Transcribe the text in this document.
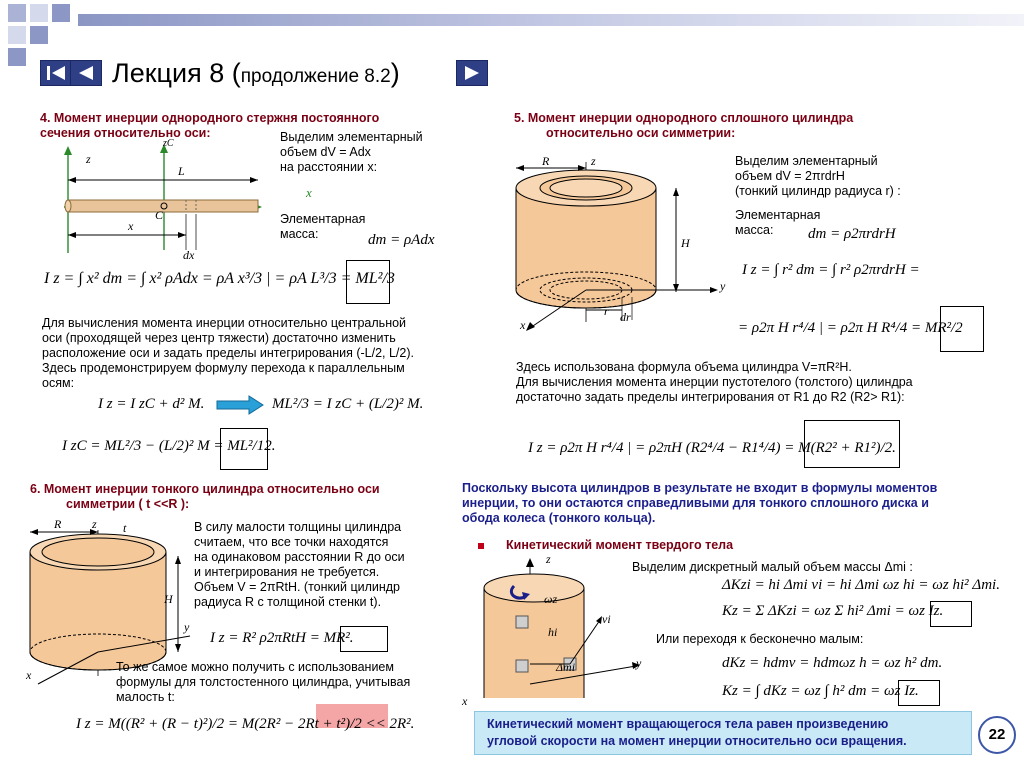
Лекция 8 (продолжение 8.2)
4. Момент инерции однородного стержня постоянного
сечения относительно оси:	Выделим элементарный
объем dV = Adx
на расстоянии x:
zC
z
L
x
C
x
dx
Элементарная
масса:	dm = ρAdx
I z = ∫ x² dm = ∫ x² ρAdx = ρA x³/3 | = ρA L³/3 = ML²/3
Для вычисления момента инерции относительно центральной
оси (проходящей через центр тяжести) достаточно изменить
расположение оси и задать пределы интегрирования (-L/2, L/2).
Здесь продемонстрируем формулу перехода к параллельным
осям:
I z = I zC + d² M.	ML²/3 = I zC + (L/2)² M.
I zC = ML²/3 − (L/2)² M = ML²/12.
5. Момент инерции однородного сплошного цилиндра
относительно оси симметрии:
R	z
H
y
x
r dr
Выделим элементарный
объем dV = 2πrdrH
(тонкий цилиндр радиуса r) :
Элементарная
масса:	dm = ρ2πrdrH
I z = ∫ r² dm = ∫ r² ρ2πrdrH =
= ρ2π H r⁴/4 | = ρ2π H R⁴/4 = MR²/2
Здесь использована формула объема цилиндра V=πR²H.
Для вычисления момента инерции пустотелого (толстого) цилиндра
достаточно задать пределы интегрирования от R1 до R2 (R2> R1):
I z = ρ2π H r⁴/4 | = ρ2πH (R2⁴/4 − R1⁴/4) = M(R2² + R1²)/2.
6. Момент инерции тонкого цилиндра относительно оси
симметрии ( t <<R ):
R	z t
H
y
x
В силу малости толщины цилиндра
считаем, что все точки находятся
на одинаковом расстоянии R до оси
и интегрирования не требуется.
Объем V = 2πRtH. (тонкий цилиндр
радиуса R с толщиной стенки t).
I z = R² ρ2πRtH = MR².
То же самое можно получить с использованием
формулы для толстостенного цилиндра, учитывая
малость t:
I z = M((R² + (R − t)²)/2 = M(2R² − 2Rt + t²)/2 << 2R².
Поскольку высота цилиндров в результате не входит в формулы моментов
инерции, то они остаются справедливыми для тонкого сплошного диска и
обода колеса (тонкого кольца).
Кинетический момент твердого тела
z
ωz
vi
hi
Δmi	y
x
Выделим дискретный малый объем массы Δmi :
ΔKzi = hi Δmi vi = hi Δmi ωz hi = ωz hi² Δmi.
Kz = Σ ΔKzi = ωz Σ hi² Δmi = ωz Iz.
Или переходя к бесконечно малым:
dKz = hdmv = hdmωz h = ωz h² dm.
Kz = ∫ dKz = ωz ∫ h² dm = ωz Iz.
Кинетический момент вращающегося тела равен произведению
угловой скорости на момент инерции относительно оси вращения.	22
